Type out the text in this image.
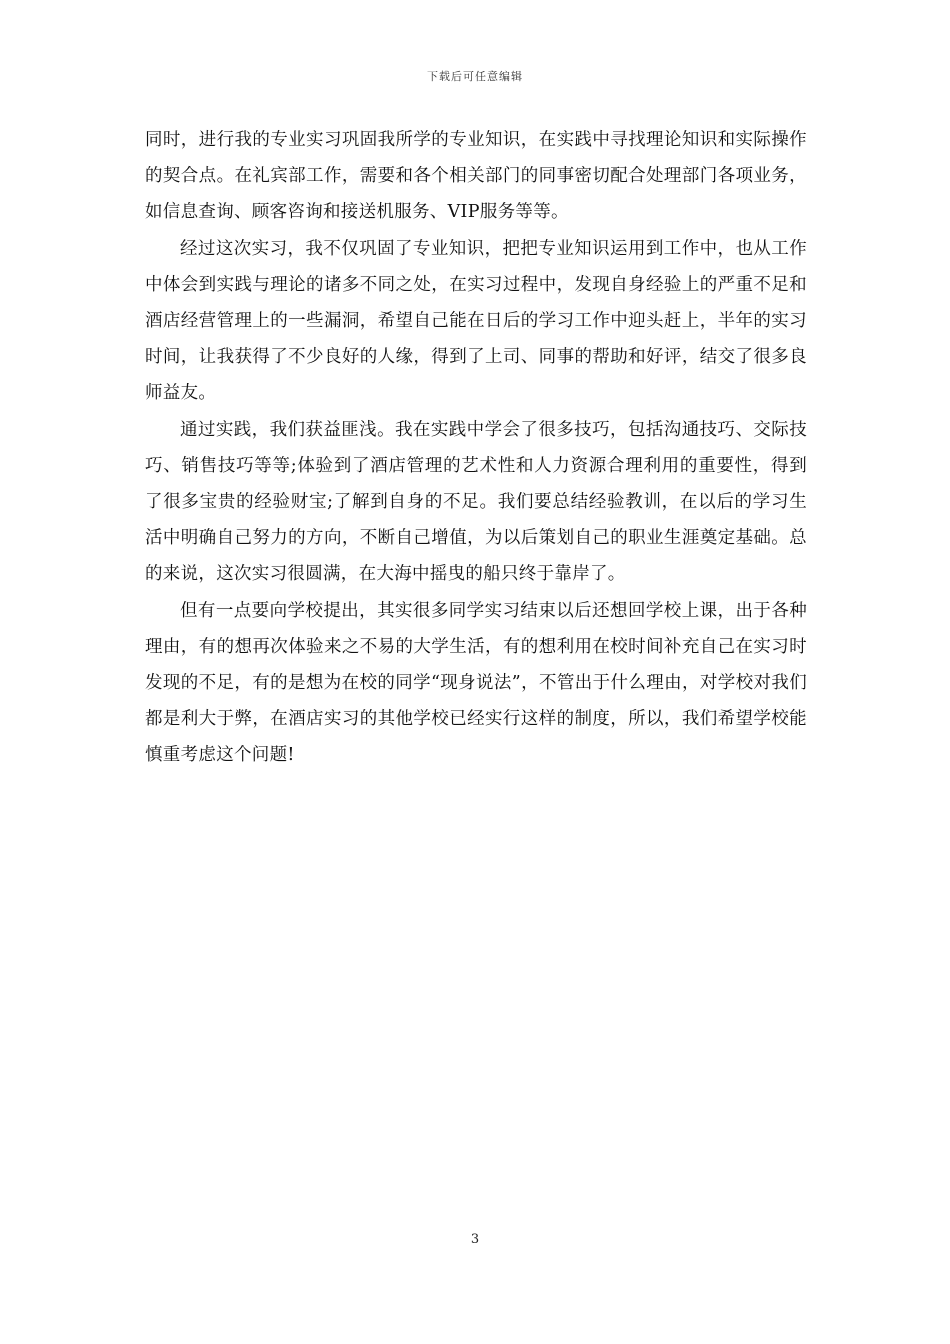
下载后可任意编辑

同时，进行我的专业实习巩固我所学的专业知识，在实践中寻找理论知识和实际操作的契合点。在礼宾部工作，需要和各个相关部门的同事密切配合处理部门各项业务，如信息查询、顾客咨询和接送机服务、VIP服务等等。

经过这次实习，我不仅巩固了专业知识，把把专业知识运用到工作中，也从工作中体会到实践与理论的诸多不同之处，在实习过程中，发现自身经验上的严重不足和酒店经营管理上的一些漏洞，希望自己能在日后的学习工作中迎头赶上，半年的实习时间，让我获得了不少良好的人缘，得到了上司、同事的帮助和好评，结交了很多良师益友。

通过实践，我们获益匪浅。我在实践中学会了很多技巧，包括沟通技巧、交际技巧、销售技巧等等;体验到了酒店管理的艺术性和人力资源合理利用的重要性，得到了很多宝贵的经验财宝;了解到自身的不足。我们要总结经验教训，在以后的学习生活中明确自己努力的方向，不断自己增值，为以后策划自己的职业生涯奠定基础。总的来说，这次实习很圆满，在大海中摇曳的船只终于靠岸了。

但有一点要向学校提出，其实很多同学实习结束以后还想回学校上课，出于各种理由，有的想再次体验来之不易的大学生活，有的想利用在校时间补充自己在实习时发现的不足，有的是想为在校的同学“现身说法”，不管出于什么理由，对学校对我们都是利大于弊，在酒店实习的其他学校已经实行这样的制度，所以，我们希望学校能慎重考虑这个问题!

3
